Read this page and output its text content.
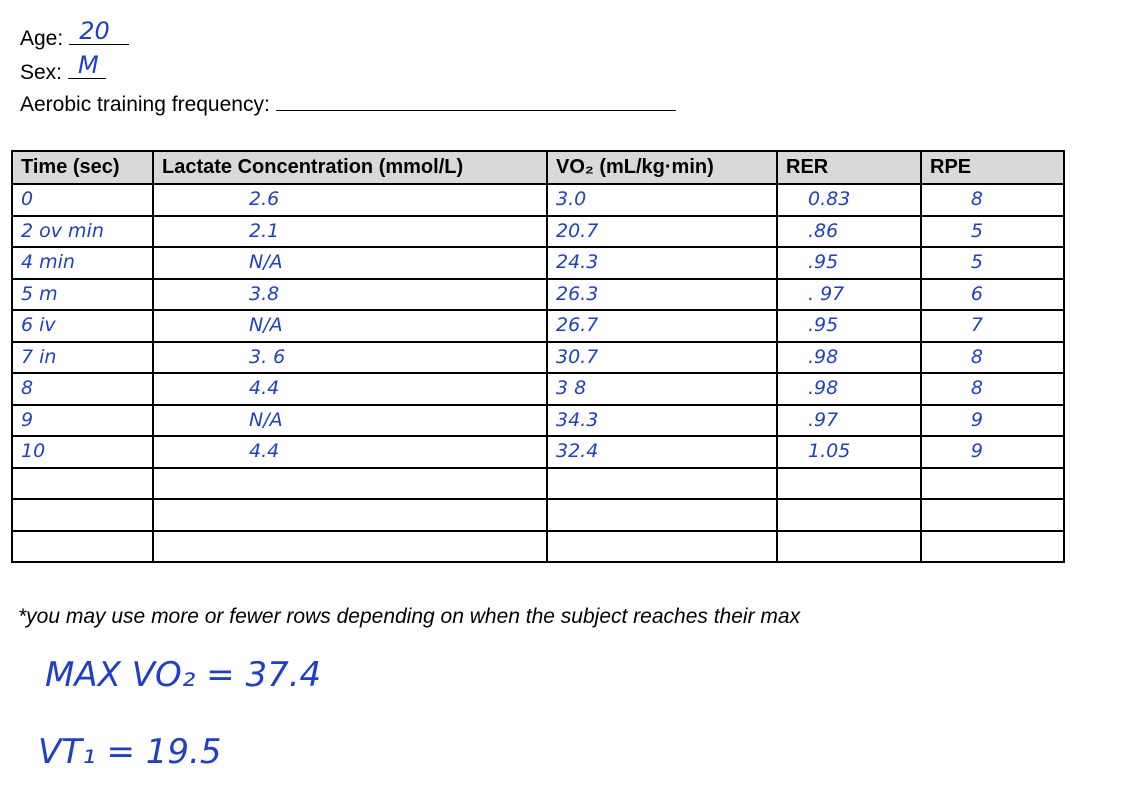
Age: 20
Sex: M
Aerobic training frequency:
Time (sec)	Lactate Concentration (mmol/L)	VO₂ (mL/kg·min)	RER	RPE
0	2.6	3.0	0.83	8
2 ov min	2.1	20.7	.86	5
4 min	N/A	24.3	.95	5
5 m	3.8	26.3	. 97	6
6 iv	N/A	26.7	.95	7
7 in	3. 6	30.7	.98	8
8	4.4	3 8	.98	8
9	N/A	34.3	.97	9
10	4.4	32.4	1.05	9

*you may use more or fewer rows depending on when the subject reaches their max
MAX VO₂ = 37.4
VT₁ = 19.5
